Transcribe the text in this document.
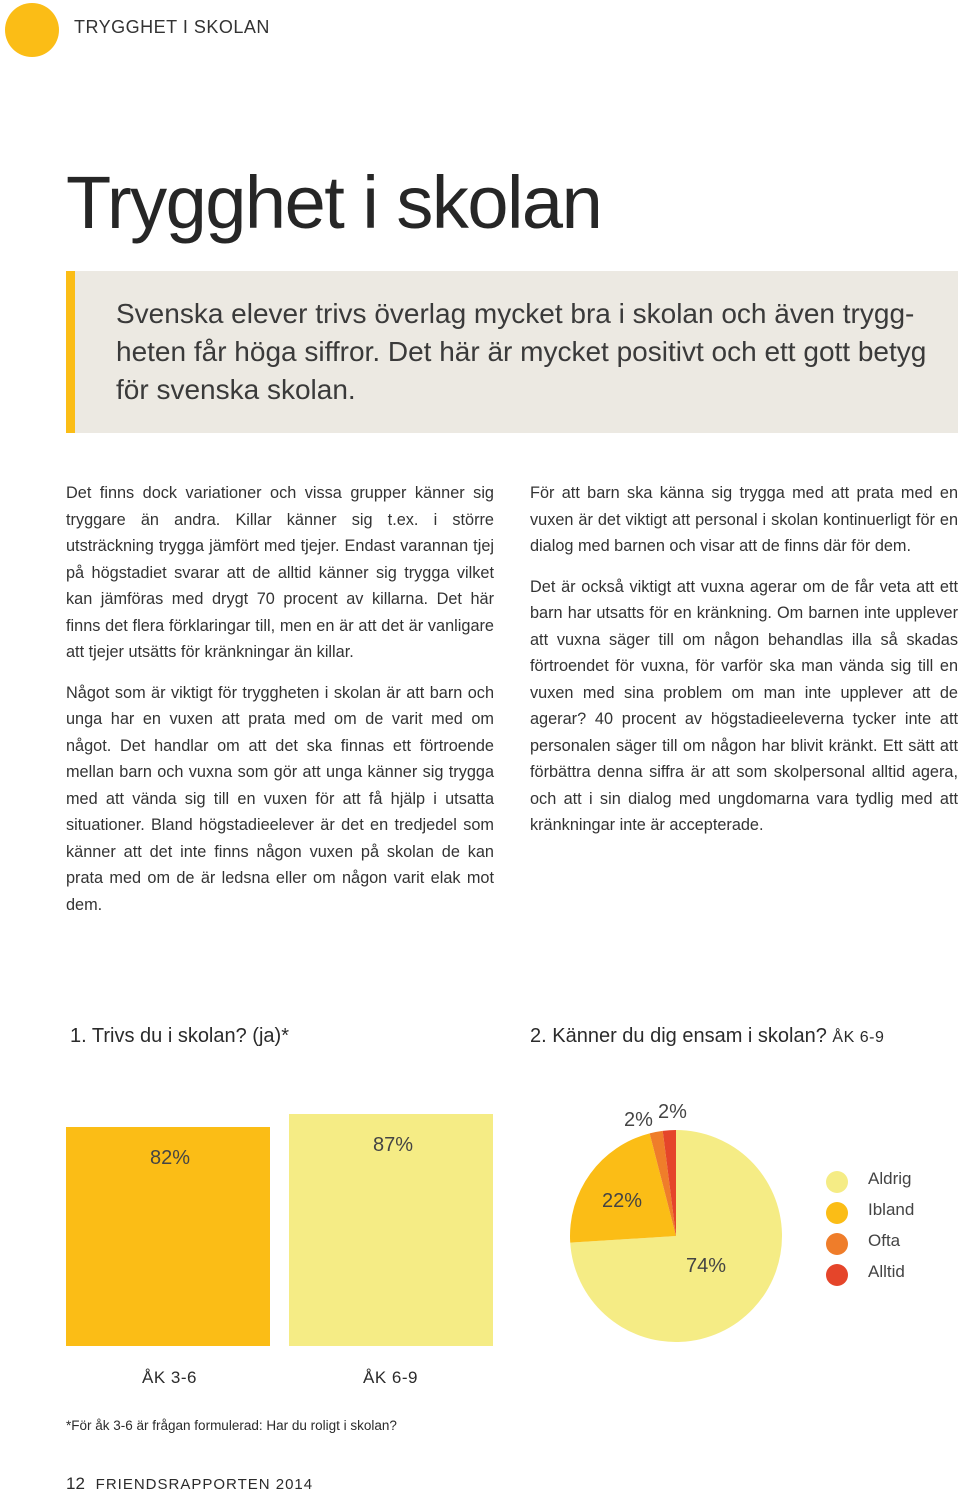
TRYGGHET I SKOLAN
Trygghet i skolan
Svenska elever trivs överlag mycket bra i skolan och även trygg-heten får höga siffror. Det här är mycket positivt och ett gott betyg för svenska skolan.

Det finns dock variationer och vissa grupper känner sig tryggare än andra. Killar känner sig t.ex. i större utsträckning trygga jämfört med tjejer. Endast varannan tjej på högstadiet svarar att de alltid känner sig trygga vilket kan jämföras med drygt 70 procent av killarna. Det här finns det flera förklaringar till, men en är att det är vanligare att tjejer utsätts för kränkningar än killar.

Något som är viktigt för tryggheten i skolan är att barn och unga har en vuxen att prata med om de varit med om något. Det handlar om att det ska finnas ett förtroende mellan barn och vuxna som gör att unga känner sig trygga med att vända sig till en vuxen för att få hjälp i utsatta situationer. Bland högstadieelever är det en tredjedel som känner att det inte finns någon vuxen på skolan de kan prata med om de är ledsna eller om någon varit elak mot dem.

För att barn ska känna sig trygga med att prata med en vuxen är det viktigt att personal i skolan kontinuerligt för en dialog med barnen och visar att de finns där för dem.

Det är också viktigt att vuxna agerar om de får veta att ett barn har utsatts för en kränkning. Om barnen inte upplever att vuxna säger till om någon behandlas illa så skadas förtroendet för vuxna, för varför ska man vända sig till en vuxen med sina problem om man inte upplever att de agerar? 40 procent av högstadieeleverna tycker inte att personalen säger till om någon har blivit kränkt. Ett sätt att förbättra denna siffra är att som skolpersonal alltid agera, och att i sin dialog med ungdomarna vara tydlig med att kränkningar inte är accepterade.

1. Trivs du i skolan? (ja)*
82%
87%
ÅK 3-6	ÅK 6-9
2. Känner du dig ensam i skolan? ÅK 6-9
74%
22%
2% 2%
Aldrig
Ibland
Ofta
Alltid
*För åk 3-6 är frågan formulerad: Har du roligt i skolan?
12 FRIENDSRAPPORTEN 2014
